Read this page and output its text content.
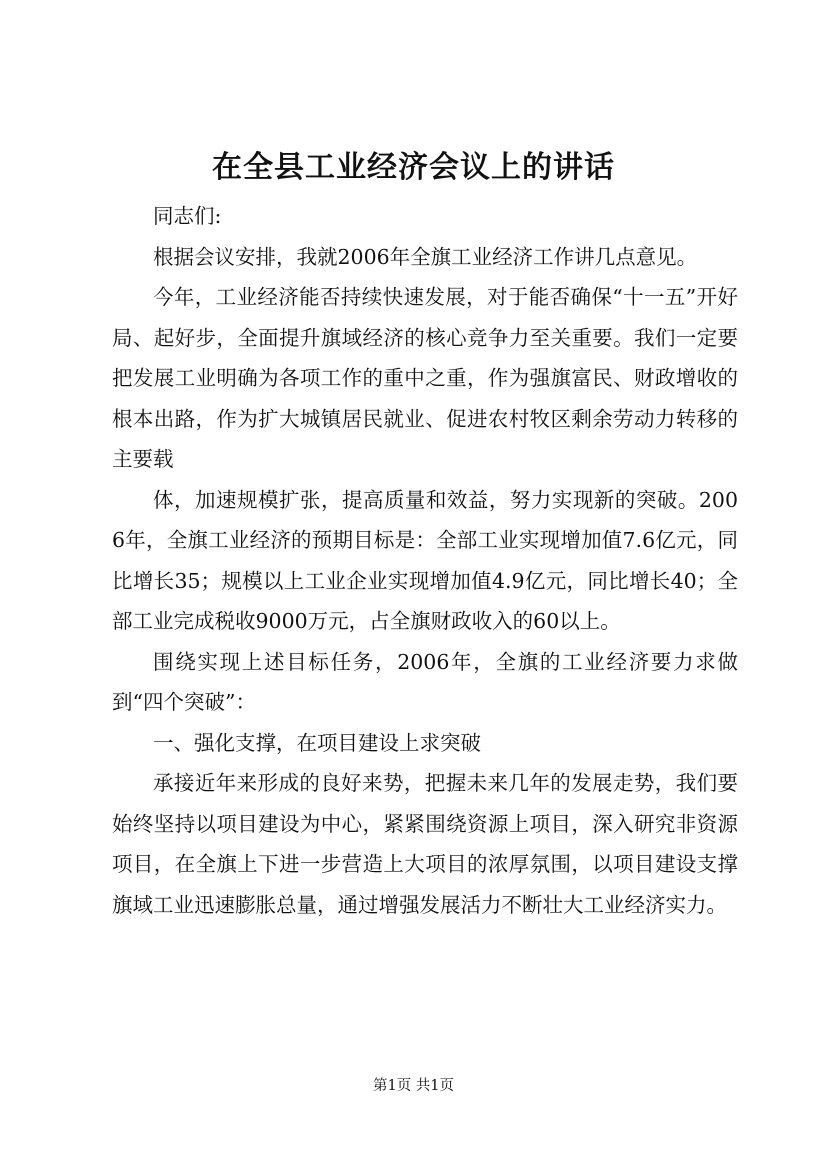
在全县工业经济会议上的讲话

同志们:

根据会议安排，我就2006年全旗工业经济工作讲几点意见。

今年，工业经济能否持续快速发展，对于能否确保“十一五”开好局、起好步，全面提升旗域经济的核心竞争力至关重要。我们一定要把发展工业明确为各项工作的重中之重，作为强旗富民、财政增收的根本出路，作为扩大城镇居民就业、促进农村牧区剩余劳动力转移的主要载

体，加速规模扩张，提高质量和效益，努力实现新的突破。2006年，全旗工业经济的预期目标是：全部工业实现增加值7.6亿元，同比增长35；规模以上工业企业实现增加值4.9亿元，同比增长40；全部工业完成税收9000万元，占全旗财政收入的60以上。

围绕实现上述目标任务，2006年，全旗的工业经济要力求做到“四个突破”：

一、强化支撑，在项目建设上求突破

承接近年来形成的良好来势，把握未来几年的发展走势，我们要始终坚持以项目建设为中心，紧紧围绕资源上项目，深入研究非资源项目，在全旗上下进一步营造上大项目的浓厚氛围，以项目建设支撑旗域工业迅速膨胀总量，通过增强发展活力不断壮大工业经济实力。

第1页 共1页
